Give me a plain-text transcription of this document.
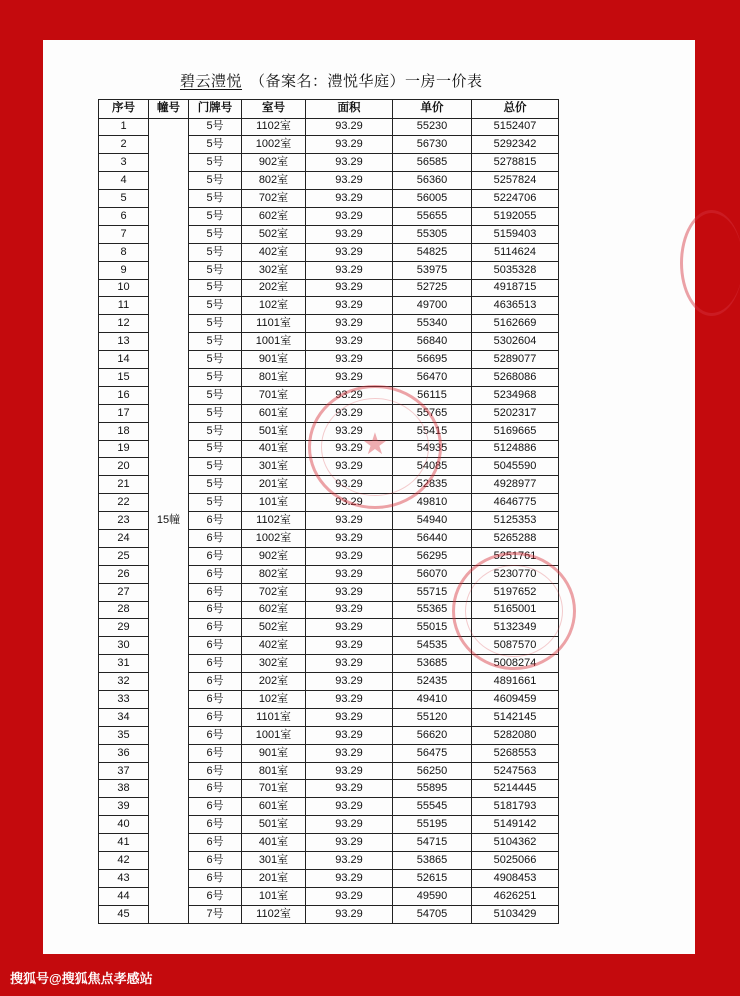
碧云澧悦 （备案名：澧悦华庭）一房一价表
序号	幢号	门牌号	室号	面积	单价	总价
1	15幢	5号	1102室	93.29	55230	5152407
2		5号	1002室	93.29	56730	5292342
3		5号	902室	93.29	56585	5278815
4		5号	802室	93.29	56360	5257824
5		5号	702室	93.29	56005	5224706
6		5号	602室	93.29	55655	5192055
7		5号	502室	93.29	55305	5159403
8		5号	402室	93.29	54825	5114624
9		5号	302室	93.29	53975	5035328
10		5号	202室	93.29	52725	4918715
11		5号	102室	93.29	49700	4636513
12		5号	1101室	93.29	55340	5162669
13		5号	1001室	93.29	56840	5302604
14		5号	901室	93.29	56695	5289077
15		5号	801室	93.29	56470	5268086
16		5号	701室	93.29	56115	5234968
17		5号	601室	93.29	55765	5202317
18		5号	501室	93.29	55415	5169665
19		5号	401室	93.29	54935	5124886
20		5号	301室	93.29	54085	5045590
21		5号	201室	93.29	52835	4928977
22		5号	101室	93.29	49810	4646775
23		6号	1102室	93.29	54940	5125353
24		6号	1002室	93.29	56440	5265288
25		6号	902室	93.29	56295	5251761
26		6号	802室	93.29	56070	5230770
27		6号	702室	93.29	55715	5197652
28		6号	602室	93.29	55365	5165001
29		6号	502室	93.29	55015	5132349
30		6号	402室	93.29	54535	5087570
31		6号	302室	93.29	53685	5008274
32		6号	202室	93.29	52435	4891661
33		6号	102室	93.29	49410	4609459
34		6号	1101室	93.29	55120	5142145
35		6号	1001室	93.29	56620	5282080
36		6号	901室	93.29	56475	5268553
37		6号	801室	93.29	56250	5247563
38		6号	701室	93.29	55895	5214445
39		6号	601室	93.29	55545	5181793
40		6号	501室	93.29	55195	5149142
41		6号	401室	93.29	54715	5104362
42		6号	301室	93.29	53865	5025066
43		6号	201室	93.29	52615	4908453
44		6号	101室	93.29	49590	4626251
45		7号	1102室	93.29	54705	5103429
★
搜狐号@搜狐焦点孝感站
